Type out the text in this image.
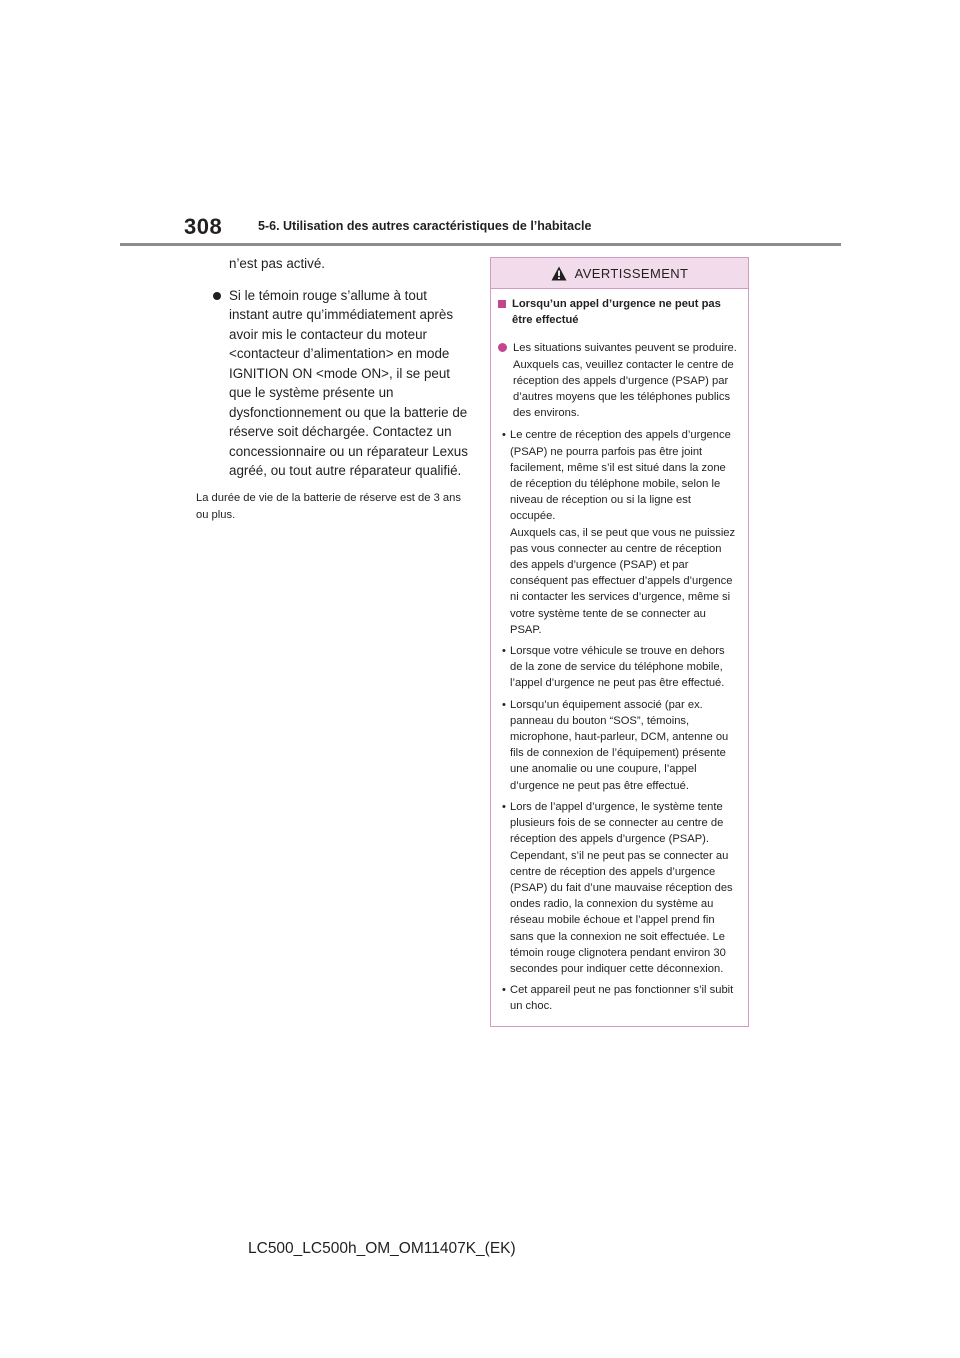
308	5-6. Utilisation des autres caractéristiques de l’habitacle

n’est pas activé.

Si le témoin rouge s’allume à tout instant autre qu’immédiatement après avoir mis le contacteur du moteur <contacteur d’alimentation> en mode IGNITION ON <mode ON>, il se peut que le système présente un dysfonctionnement ou que la batterie de réserve soit déchargée. Contactez un concessionnaire ou un réparateur Lexus agréé, ou tout autre réparateur qualifié.
La durée de vie de la batterie de réserve est de 3 ans ou plus.
AVERTISSEMENT
Lorsqu’un appel d’urgence ne peut pas être effectué
Les situations suivantes peuvent se produire. Auxquels cas, veuillez contacter le centre de réception des appels d’urgence (PSAP) par d’autres moyens que les téléphones publics des environs.
• Le centre de réception des appels d’urgence (PSAP) ne pourra parfois pas être joint facilement, même s’il est situé dans la zone de réception du téléphone mobile, selon le niveau de réception ou si la ligne est occupée.
Auxquels cas, il se peut que vous ne puissiez pas vous connecter au centre de réception des appels d’urgence (PSAP) et par conséquent pas effectuer d’appels d’urgence ni contacter les services d’urgence, même si votre système tente de se connecter au PSAP.
• Lorsque votre véhicule se trouve en dehors de la zone de service du téléphone mobile, l’appel d’urgence ne peut pas être effectué.
• Lorsqu’un équipement associé (par ex. panneau du bouton “SOS”, témoins, microphone, haut-parleur, DCM, antenne ou fils de connexion de l’équipement) présente une anomalie ou une coupure, l’appel d’urgence ne peut pas être effectué.
• Lors de l’appel d’urgence, le système tente plusieurs fois de se connecter au centre de réception des appels d’urgence (PSAP). Cependant, s’il ne peut pas se connecter au centre de réception des appels d’urgence (PSAP) du fait d’une mauvaise réception des ondes radio, la connexion du système au réseau mobile échoue et l’appel prend fin sans que la connexion ne soit effectuée. Le témoin rouge clignotera pendant environ 30 secondes pour indiquer cette déconnexion.
• Cet appareil peut ne pas fonctionner s’il subit un choc.
LC500_LC500h_OM_OM11407K_(EK)
